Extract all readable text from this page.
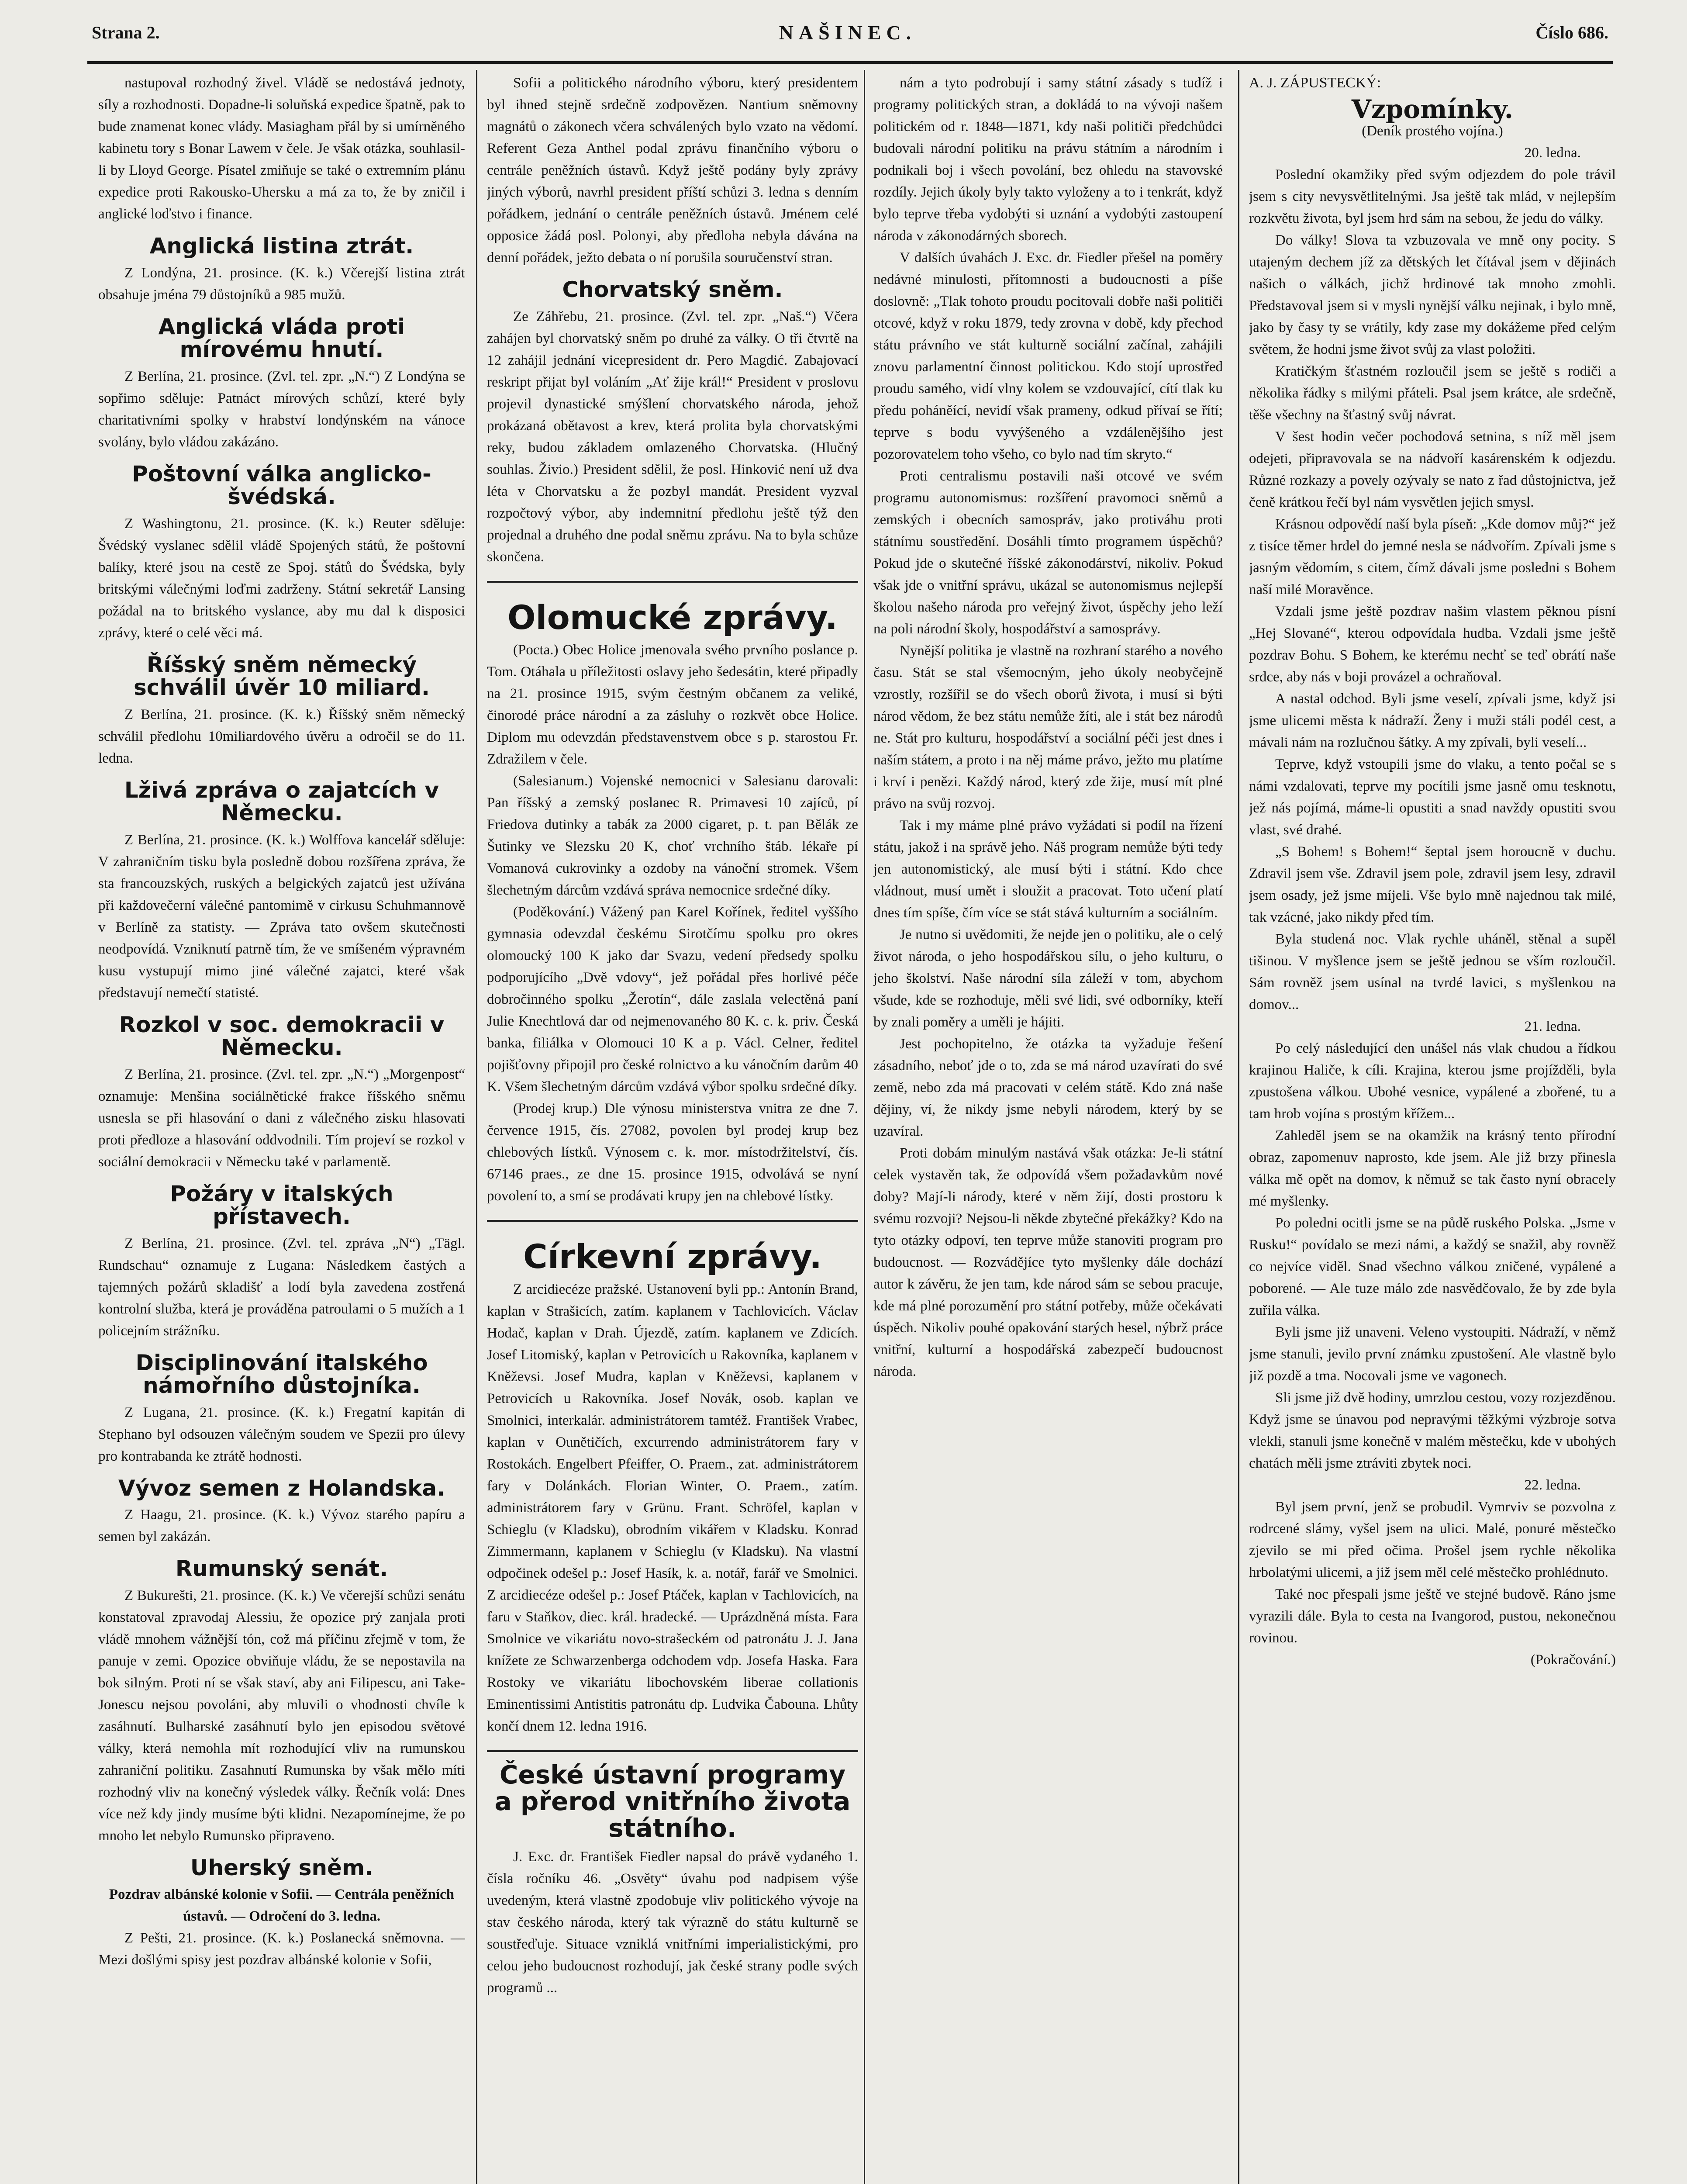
Strana 2.	NAŠINEC.	Číslo 686.

nastupoval rozhodný živel. Vládě se nedostává jednoty, síly a rozhodnosti. Dopadne-li soluňská expedice špatně, pak to bude znamenat konec vlády. Masiagham přál by si umírněného kabinetu tory s Bonar Lawem v čele. Je však otázka, souhlasil-li by Lloyd George. Písatel zmiňuje se také o extremním plánu expedice proti Rakousko-Uhersku a má za to, že by zničil i anglické loďstvo i finance.

Anglická listina ztrát.

Z Londýna, 21. prosince. (K. k.) Včerejší listina ztrát obsahuje jména 79 důstojníků a 985 mužů.

Anglická vláda proti mírovému hnutí.

Z Berlína, 21. prosince. (Zvl. tel. zpr. „N.“) Z Londýna se sopřimo sděluje: Patnáct mírových schůzí, které byly charitativními spolky v hrabství londýnském na vánoce svolány, bylo vládou zakázáno.

Poštovní válka anglicko-švédská.

Z Washingtonu, 21. prosince. (K. k.) Reuter sděluje: Švédský vyslanec sdělil vládě Spojených států, že poštovní balíky, které jsou na cestě ze Spoj. států do Švédska, byly britskými válečnými loďmi zadrženy. Státní sekretář Lansing požádal na to britského vyslance, aby mu dal k disposici zprávy, které o celé věci má.

Říšský sněm německý schválil úvěr 10 miliard.

Z Berlína, 21. prosince. (K. k.) Říšský sněm německý schválil předlohu 10miliardového úvěru a odročil se do 11. ledna.

Lživá zpráva o zajatcích v Německu.

Z Berlína, 21. prosince. (K. k.) Wolffova kancelář sděluje: V zahraničním tisku byla posledně dobou rozšířena zpráva, že sta francouzských, ruských a belgických zajatců jest užívána při každovečerní válečné pantomimě v cirkusu Schuhmannově v Berlíně za statisty. — Zpráva tato ovšem skutečnosti neodpovídá. Vzniknutí patrně tím, že ve smíšeném výpravném kusu vystupují mimo jiné válečné zajatci, které však představují nemečtí statisté.

Rozkol v soc. demokracii v Německu.

Z Berlína, 21. prosince. (Zvl. tel. zpr. „N.“) „Morgenpost“ oznamuje: Menšina sociálnětické frakce říšského sněmu usnesla se při hlasování o dani z válečného zisku hlasovati proti předloze a hlasování oddvodnili. Tím projeví se rozkol v sociální demokracii v Německu také v parlamentě.

Požáry v italských přístavech.

Z Berlína, 21. prosince. (Zvl. tel. zpráva „N“) „Tägl. Rundschau“ oznamuje z Lugana: Následkem častých a tajemných požárů skladišť a lodí byla zavedena zostřená kontrolní služba, která je prováděna patroulami o 5 mužích a 1 policejním strážníku.

Disciplinování italského námořního důstojníka.

Z Lugana, 21. prosince. (K. k.) Fregatní kapitán di Stephano byl odsouzen válečným soudem ve Spezii pro úlevy pro kontrabanda ke ztrátě hodnosti.

Vývoz semen z Holandska.

Z Haagu, 21. prosince. (K. k.) Vývoz starého papíru a semen byl zakázán.

Rumunský senát.

Z Bukurešti, 21. prosince. (K. k.) Ve včerejší schůzi senátu konstatoval zpravodaj Alessiu, že opozice prý zanjala proti vládě mnohem vážnější tón, což má příčinu zřejmě v tom, že panuje v zemi. Opozice obviňuje vládu, že se nepostavila na bok silným. Proti ní se však staví, aby ani Filipescu, ani Take-Jonescu nejsou povoláni, aby mluvili o vhodnosti chvíle k zasáhnutí. Bulharské zasáhnutí bylo jen episodou světové války, která nemohla mít rozhodující vliv na rumunskou zahraniční politiku. Zasahnutí Rumunska by však mělo míti rozhodný vliv na konečný výsledek války. Řečník volá: Dnes více než kdy jindy musíme býti klidni. Nezapomínejme, že po mnoho let nebylo Rumunsko připraveno.

Uherský sněm.

Pozdrav albánské kolonie v Sofii. — Centrála peněžních ústavů. — Odročení do 3. ledna.

Z Pešti, 21. prosince. (K. k.) Poslanecká sněmovna. — Mezi došlými spisy jest pozdrav albánské kolonie v Sofii,

Sofii a politického národního výboru, který presidentem byl ihned stejně srdečně zodpovězen. Nantium sněmovny magnátů o zákonech včera schválených bylo vzato na vědomí. Referent Geza Anthel podal zprávu finančního výboru o centrále peněžních ústavů. Když ještě podány byly zprávy jiných výborů, navrhl president příští schůzi 3. ledna s denním pořádkem, jednání o centrále peněžních ústavů. Jménem celé opposice žádá posl. Polonyi, aby předloha nebyla dávána na denní pořádek, ježto debata o ní porušila souručenství stran.

Chorvatský sněm.

Ze Záhřebu, 21. prosince. (Zvl. tel. zpr. „Naš.“) Včera zahájen byl chorvatský sněm po druhé za války. O tři čtvrtě na 12 zahájil jednání vicepresident dr. Pero Magdić. Zabajovací reskript přijat byl voláním „Ať žije král!“ President v proslovu projevil dynastické smýšlení chorvatského národa, jehož prokázaná obětavost a krev, která prolita byla chorvatskými reky, budou základem omlazeného Chorvatska. (Hlučný souhlas. Živio.) President sdělil, že posl. Hinković není už dva léta v Chorvatsku a že pozbyl mandát. President vyzval rozpočtový výbor, aby indemnitní předlohu ještě týž den projednal a druhého dne podal sněmu zprávu. Na to byla schůze skončena.

Olomucké zprávy.

(Pocta.) Obec Holice jmenovala svého prvního poslance p. Tom. Otáhala u příležitosti oslavy jeho šedesátin, které připadly na 21. prosince 1915, svým čestným občanem za veliké, činorodé práce národní a za zásluhy o rozkvět obce Holice. Diplom mu odevzdán představenstvem obce s p. starostou Fr. Zdražilem v čele.

(Salesianum.) Vojenské nemocnici v Salesianu darovali: Pan říšský a zemský poslanec R. Primavesi 10 zajíců, pí Friedova dutinky a tabák za 2000 cigaret, p. t. pan Bělák ze Šutinky ve Slezsku 20 K, choť vrchního štáb. lékaře pí Vomanová cukrovinky a ozdoby na vánoční stromek. Všem šlechetným dárcům vzdává správa nemocnice srdečné díky.

(Poděkování.) Vážený pan Karel Kořínek, ředitel vyššího gymnasia odevzdal českému Sirotčímu spolku pro okres olomoucký 100 K jako dar Svazu, vedení předsedy spolku podporujícího „Dvě vdovy“, jež pořádal přes horlivé péče dobročinného spolku „Žerotín“, dále zaslala velectěná paní Julie Knechtlová dar od nejmenovaného 80 K. c. k. priv. Česká banka, filiálka v Olomouci 10 K a p. Václ. Celner, ředitel pojišťovny připojil pro české rolnictvo a ku vánočním darům 40 K. Všem šlechetným dárcům vzdává výbor spolku srdečné díky.

(Prodej krup.) Dle výnosu ministerstva vnitra ze dne 7. července 1915, čís. 27082, povolen byl prodej krup bez chlebových lístků. Výnosem c. k. mor. místodržitelství, čís. 67146 praes., ze dne 15. prosince 1915, odvolává se nyní povolení to, a smí se prodávati krupy jen na chlebové lístky.

Církevní zprávy.

Z arcidiecéze pražské. Ustanovení byli pp.: Antonín Brand, kaplan v Strašicích, zatím. kaplanem v Tachlovicích. Václav Hodač, kaplan v Drah. Újezdě, zatím. kaplanem ve Zdicích. Josef Litomiský, kaplan v Petrovicích u Rakovníka, kaplanem v Kněževsi. Josef Mudra, kaplan v Kněževsi, kaplanem v Petrovicích u Rakovníka. Josef Novák, osob. kaplan ve Smolnici, interkalár. administrátorem tamtéž. František Vrabec, kaplan v Ounětičích, excurrendo administrátorem fary v Rostokách. Engelbert Pfeiffer, O. Praem., zat. administrátorem fary v Dolánkách. Florian Winter, O. Praem., zatím. administrátorem fary v Grünu. Frant. Schröfel, kaplan v Schieglu (v Kladsku), obrodním vikářem v Kladsku. Konrad Zimmermann, kaplanem v Schieglu (v Kladsku). Na vlastní odpočinek odešel p.: Josef Hasík, k. a. notář, farář ve Smolnici. Z arcidiecéze odešel p.: Josef Ptáček, kaplan v Tachlovicích, na faru v Staňkov, diec. král. hradecké. — Uprázdněná místa. Fara Smolnice ve vikariátu novo-strašeckém od patronátu J. J. Jana knížete ze Schwarzenberga odchodem vdp. Josefa Haska. Fara Rostoky ve vikariátu libochovském liberae collationis Eminentissimi Antistitis patronátu dp. Ludvika Čabouna. Lhůty končí dnem 12. ledna 1916.

České ústavní programy a přerod vnitřního života státního.

J. Exc. dr. František Fiedler napsal do právě vydaného 1. čísla ročníku 46. „Osvěty“ úvahu pod nadpisem výše uvedeným, která vlastně zpodobuje vliv politického vývoje na stav českého národa, který tak výrazně do státu kulturně se soustřeďuje. Situace vzniklá vnitřními imperialistickými, pro celou jeho budoucnost rozhodují, jak české strany podle svých programů ...

nám a tyto podrobují i samy státní zásady s tudíž i programy politických stran, a dokládá to na vývoji našem politickém od r. 1848—1871, kdy naši političi předchůdci budovali národní politiku na právu státním a národním i podnikali boj i všech povolání, bez ohledu na stavovské rozdíly. Jejich úkoly byly takto vyloženy a to i tenkrát, když bylo teprve třeba vydobýti si uznání a vydobýti zastoupení národa v zákonodárných sborech.

V dalších úvahách J. Exc. dr. Fiedler přešel na poměry nedávné minulosti, přítomnosti a budoucnosti a píše doslovně: „Tlak tohoto proudu pocitovali dobře naši političi otcové, když v roku 1879, tedy zrovna v době, kdy přechod státu právního ve stát kulturně sociální začínal, zahájili znovu parlamentní činnost politickou. Kdo stojí uprostřed proudu samého, vidí vlny kolem se vzdouvající, cítí tlak ku předu poháněící, nevidí však prameny, odkud přívaí se řítí; teprve s bodu vyvýšeného a vzdálenějšího jest pozorovatelem toho všeho, co bylo nad tím skryto.“

Proti centralismu postavili naši otcové ve svém programu autonomismus: rozšíření pravomoci sněmů a zemských i obecních samospráv, jako protiváhu proti státnímu soustředění. Dosáhli tímto programem úspěchů? Pokud jde o skutečné říšské zákonodárství, nikoliv. Pokud však jde o vnitřní správu, ukázal se autonomismus nejlepší školou našeho národa pro veřejný život, úspěchy jeho leží na poli národní školy, hospodářství a samosprávy.

Nynější politika je vlastně na rozhraní starého a nového času. Stát se stal všemocným, jeho úkoly neobyčejně vzrostly, rozšířil se do všech oborů života, i musí si býti národ vědom, že bez státu nemůže žíti, ale i stát bez národů ne. Stát pro kulturu, hospodářství a sociální péči jest dnes i naším státem, a proto i na něj máme právo, ježto mu platíme i krví i penězi. Každý národ, který zde žije, musí mít plné právo na svůj rozvoj.

Tak i my máme plné právo vyžádati si podíl na řízení státu, jakož i na správě jeho. Náš program nemůže býti tedy jen autonomistický, ale musí býti i státní. Kdo chce vládnout, musí umět i sloužit a pracovat. Toto učení platí dnes tím spíše, čím více se stát stává kulturním a sociálním.

Je nutno si uvědomiti, že nejde jen o politiku, ale o celý život národa, o jeho hospodářskou sílu, o jeho kulturu, o jeho školství. Naše národní síla záleží v tom, abychom všude, kde se rozhoduje, měli své lidi, své odborníky, kteří by znali poměry a uměli je hájiti.

Jest pochopitelno, že otázka ta vyžaduje řešení zásadního, neboť jde o to, zda se má národ uzavírati do své země, nebo zda má pracovati v celém státě. Kdo zná naše dějiny, ví, že nikdy jsme nebyli národem, který by se uzavíral.

Proti dobám minulým nastává však otázka: Je-li státní celek vystavěn tak, že odpovídá všem požadavkům nové doby? Mají-li národy, které v něm žijí, dosti prostoru k svému rozvoji? Nejsou-li někde zbytečné překážky? Kdo na tyto otázky odpoví, ten teprve může stanoviti program pro budoucnost. — Rozvádějíce tyto myšlenky dále dochází autor k závěru, že jen tam, kde národ sám se sebou pracuje, kde má plné porozumění pro státní potřeby, může očekávati úspěch. Nikoliv pouhé opakování starých hesel, nýbrž práce vnitřní, kulturní a hospodářská zabezpečí budoucnost národa.

A. J. ZÁPUSTECKÝ:

Vzpomínky.

(Deník prostého vojína.)

20. ledna.

Poslední okamžiky před svým odjezdem do pole trávil jsem s city nevysvětlitelnými. Jsa ještě tak mlád, v nejlepším rozkvětu života, byl jsem hrd sám na sebou, že jedu do války.

Do války! Slova ta vzbuzovala ve mně ony pocity. S utajeným dechem jíž za dětských let čítával jsem v dějinách našich o válkách, jichž hrdinové tak mnoho zmohli. Představoval jsem si v mysli nynější válku nejinak, i bylo mně, jako by časy ty se vrátily, kdy zase my dokážeme před celým světem, že hodni jsme život svůj za vlast položiti.

Kratičkým šťastném rozloučil jsem se ještě s rodiči a několika řádky s milými přáteli. Psal jsem krátce, ale srdečně, těše všechny na šťastný svůj návrat.

V šest hodin večer pochodová setnina, s níž měl jsem odejeti, připravovala se na nádvoří kasárenském k odjezdu. Různé rozkazy a povely ozývaly se nato z řad důstojnictva, jež čeně krátkou řečí byl nám vysvětlen jejich smysl.

Krásnou odpovědí naší byla píseň: „Kde domov můj?“ jež z tisíce těmer hrdel do jemné nesla se nádvořím. Zpívali jsme s jasným vědomím, s citem, čímž dávali jsme posledni s Bohem naší milé Moravěnce.

Vzdali jsme ještě pozdrav našim vlastem pěknou písní „Hej Slované“, kterou odpovídala hudba. Vzdali jsme ještě pozdrav Bohu. S Bohem, ke kterému nechť se teď obrátí naše srdce, aby nás v boji provázel a ochraňoval.

A nastal odchod. Byli jsme veselí, zpívali jsme, když jsi jsme ulicemi města k nádraží. Ženy i muži stáli podél cest, a mávali nám na rozlučnou šátky. A my zpívali, byli veselí...

Teprve, když vstoupili jsme do vlaku, a tento počal se s námi vzdalovati, teprve my pocítili jsme jasně omu tesknotu, jež nás pojímá, máme-li opustiti a snad navždy opustiti svou vlast, své drahé.

„S Bohem! s Bohem!“ šeptal jsem horoucně v duchu. Zdravil jsem vše. Zdravil jsem pole, zdravil jsem lesy, zdravil jsem osady, jež jsme míjeli. Vše bylo mně najednou tak milé, tak vzácné, jako nikdy před tím.

Byla studená noc. Vlak rychle uháněl, stěnal a supěl tišinou. V myšlence jsem se ještě jednou se vším rozloučil. Sám rovněž jsem usínal na tvrdé lavici, s myšlenkou na domov...

21. ledna.

Po celý následující den unášel nás vlak chudou a řídkou krajinou Haliče, k cíli. Krajina, kterou jsme projížděli, byla zpustošena válkou. Ubohé vesnice, vypálené a zbořené, tu a tam hrob vojína s prostým křížem...

Zahleděl jsem se na okamžik na krásný tento přírodní obraz, zapomenuv naprosto, kde jsem. Ale již brzy přinesla válka mě opět na domov, k němuž se tak často nyní obracely mé myšlenky.

Po poledni ocitli jsme se na půdě ruského Polska. „Jsme v Rusku!“ povídalo se mezi námi, a každý se snažil, aby rovněž co nejvíce viděl. Snad všechno válkou zničené, vypálené a poborené. — Ale tuze málo zde nasvědčovalo, že by zde byla zuřila válka.

Byli jsme již unaveni. Veleno vystoupiti. Nádraží, v němž jsme stanuli, jevilo první známku zpustošení. Ale vlastně bylo již pozdě a tma. Nocovali jsme ve vagonech.

Sli jsme již dvě hodiny, umrzlou cestou, vozy rozjezděnou. Když jsme se únavou pod nepravými těžkými výzbroje sotva vlekli, stanuli jsme konečně v malém městečku, kde v ubohých chatách měli jsme ztráviti zbytek noci.

22. ledna.

Byl jsem první, jenž se probudil. Vymrviv se pozvolna z rodrcené slámy, vyšel jsem na ulici. Malé, ponuré městečko zjevilo se mi před očima. Prošel jsem rychle několika hrbolatými ulicemi, a již jsem měl celé městečko prohlédnuto.

Také noc přespali jsme ještě ve stejné budově. Ráno jsme vyrazili dále. Byla to cesta na Ivangorod, pustou, nekonečnou rovinou.

(Pokračování.)
